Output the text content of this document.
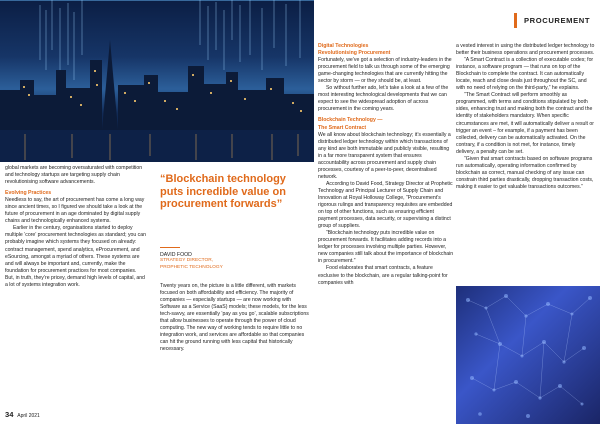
PROCUREMENT

global markets are becoming oversaturated with competition and technology startups are targeting supply chain revolutionising software advancements.

Evolving Practices

Needless to say, the art of procurement has come a long way since ancient times, so I figured we should take a look at the future of procurement in an age dominated by digital supply chains and technologically enhanced systems.

Earlier in the century, organisations started to deploy multiple ‘core’ procurement technologies as standard; you can probably imagine which systems they focused on already: contract management, spend analytics, eProcurement, and eSourcing, amongst a myriad of others. These systems are and will always be important and, currently, make the foundation for procurement practices for most companies. But, in truth, they’re pricey, demand high levels of capital, and a lot of systems integration work.

“Blockchain technology puts incredible value on procurement forwards”
DAVID FOOD
STRATEGY DIRECTOR,
PROPHETIC TECHNOLOGY

Twenty years on, the picture is a little different, with markets focused on both affordability and efficiency. The majority of companies — especially startups — are now working with Software as a Service (SaaS) models; these models, for the less tech-savvy, are essentially ‘pay as you go’, scalable subscriptions that allow businesses to operate through the power of cloud computing. The new way of working tends to require little to no integration work, and services are affordable so that companies can hit the ground running with less capital that historically necessary.

Digital Technologies

Revolutionising Procurement

Fortunately, we’ve got a selection of industry-leaders in the procurement field to talk us through some of the emerging game-changing technologies that are currently hitting the sector by storm — or they should be, at least.

So without further ado, let’s take a look at a few of the most interesting technological developments that we can expect to see the widespread adoption of across procurement in the coming years.

Blockchain Technology —

The Smart Contract

We all know about blockchain technology; it’s essentially a distributed ledger technology within which transactions of any kind are both immutable and publicly visible, resulting in a far more transparent system that ensures accountability across procurement and supply chain processes, courtesy of a peer-to-peer, decentralised network.

According to David Food, Strategy Director at Prophetic Technology and Principal Lecturer of Supply Chain and Innovation at Royal Holloway College, “Procurement’s rigorous rulings and transparency requisites are embedded on top of other functions, such as ensuring efficient payment processes, data security, or supervising a distinct group of suppliers.

“Blockchain technology puts incredible value on procurement forwards. It facilitates adding records into a ledger for processes involving multiple parties. However, new companies still talk about the importance of blockchain in procurement.”

Food elaborates that smart contracts, a feature exclusive to the blockchain, are a regular talking-point for companies with

a vested interest in using the distributed ledger technology to better their business operations and procurement processes.

“A Smart Contract is a collection of executable codes; for instance, a software program — that runs on top of the Blockchain to complete the contract. It can automatically locate, reach and close deals just throughout the SC, and with no need of relying on the third-party,” he explains.

“The Smart Contract will perform smoothly as programmed, with terms and conditions stipulated by both sides, enhancing trust and making both the contract and the identity of stakeholders mandatory. When specific circumstances are met, it will automatically deliver a result or trigger an event – for example, if a payment has been collected, delivery can be automatically activated. On the contrary, if a condition is not met, for instance, timely delivery, a penalty can be set.

“Given that smart contracts based on software programs run automatically, operating information confirmed by blockchain as correct, manual checking of any issue can constrain third parties drastically, dropping transaction costs, making it easier to get valuable transactions outcomes.”

34 April 2021
